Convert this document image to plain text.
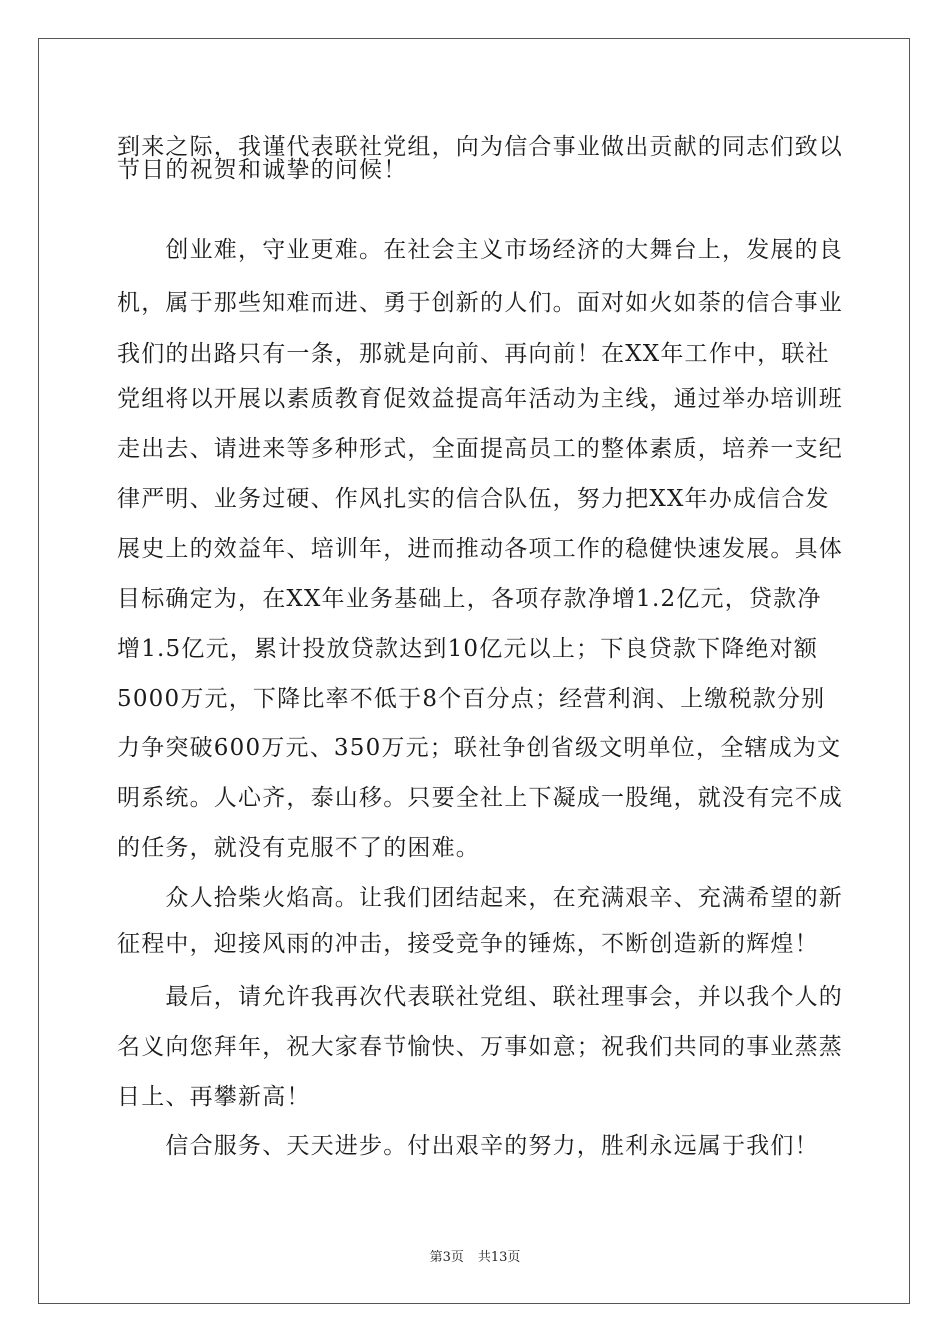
到来之际，我谨代表联社党组，向为信合事业做出贡献的同志们致以
节日的祝贺和诚挚的问候！
　　创业难，守业更难。在社会主义市场经济的大舞台上，发展的良
机，属于那些知难而进、勇于创新的人们。面对如火如荼的信合事业
我们的出路只有一条，那就是向前、再向前！在XX年工作中，联社
党组将以开展以素质教育促效益提高年活动为主线，通过举办培训班
走出去、请进来等多种形式，全面提高员工的整体素质，培养一支纪
律严明、业务过硬、作风扎实的信合队伍，努力把XX年办成信合发
展史上的效益年、培训年，进而推动各项工作的稳健快速发展。具体
目标确定为，在XX年业务基础上，各项存款净增1.2亿元，贷款净
增1.5亿元，累计投放贷款达到10亿元以上；下良贷款下降绝对额
5000万元，下降比率不低于8个百分点；经营利润、上缴税款分别
力争突破600万元、350万元；联社争创省级文明单位，全辖成为文
明系统。人心齐，泰山移。只要全社上下凝成一股绳，就没有完不成
的任务，就没有克服不了的困难。
　　众人拾柴火焰高。让我们团结起来，在充满艰辛、充满希望的新
征程中，迎接风雨的冲击，接受竞争的锤炼，不断创造新的辉煌！
　　最后，请允许我再次代表联社党组、联社理事会，并以我个人的
名义向您拜年，祝大家春节愉快、万事如意；祝我们共同的事业蒸蒸
日上、再攀新高！
　　信合服务、天天进步。付出艰辛的努力，胜利永远属于我们！
第3页 共13页
